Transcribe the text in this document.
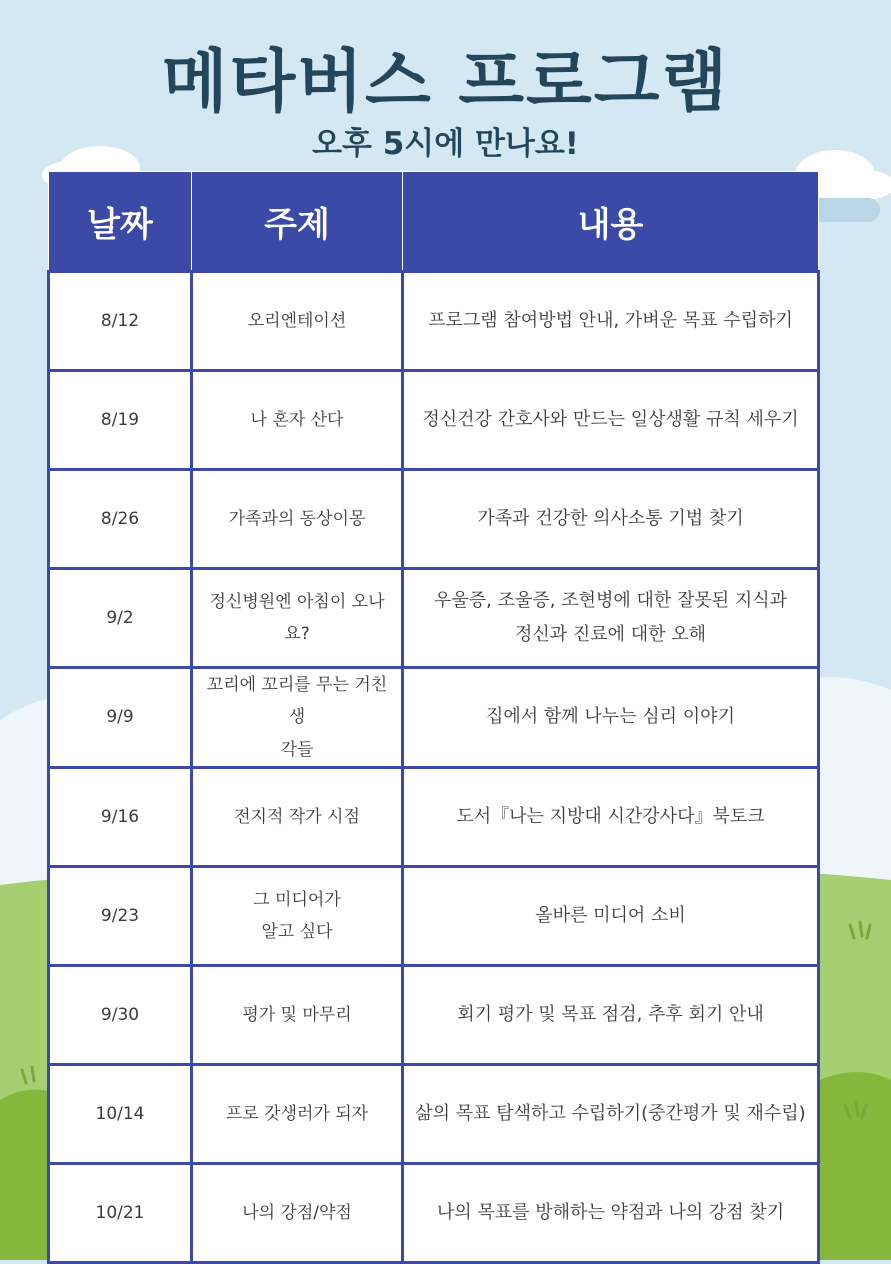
메타버스 프로그램
오후 5시에 만나요!
날짜	주제	내용
8/12	오리엔테이션	프로그램 참여방법 안내, 가벼운 목표 수립하기

8/19	나 혼자 산다	정신건강 간호사와 만드는 일상생활 규칙 세우기

8/26	가족과의 동상이몽	가족과 건강한 의사소통 기법 찾기

9/2	정신병원엔 아침이 오나요?	우울증, 조울증, 조현병에 대한 잘못된 지식과
정신과 진료에 대한 오해

9/9	꼬리에 꼬리를 무는 거친 생
각들	집에서 함께 나누는 심리 이야기

9/16	전지적 작가 시점	도서『나는 지방대 시간강사다』북토크

9/23	그 미디어가
알고 싶다	올바른 미디어 소비

9/30	평가 및 마무리	회기 평가 및 목표 점검, 추후 회기 안내

10/14	프로 갓생러가 되자	삶의 목표 탐색하고 수립하기(중간평가 및 재수립)

10/21	나의 강점/약점	나의 목표를 방해하는 약점과 나의 강점 찾기
